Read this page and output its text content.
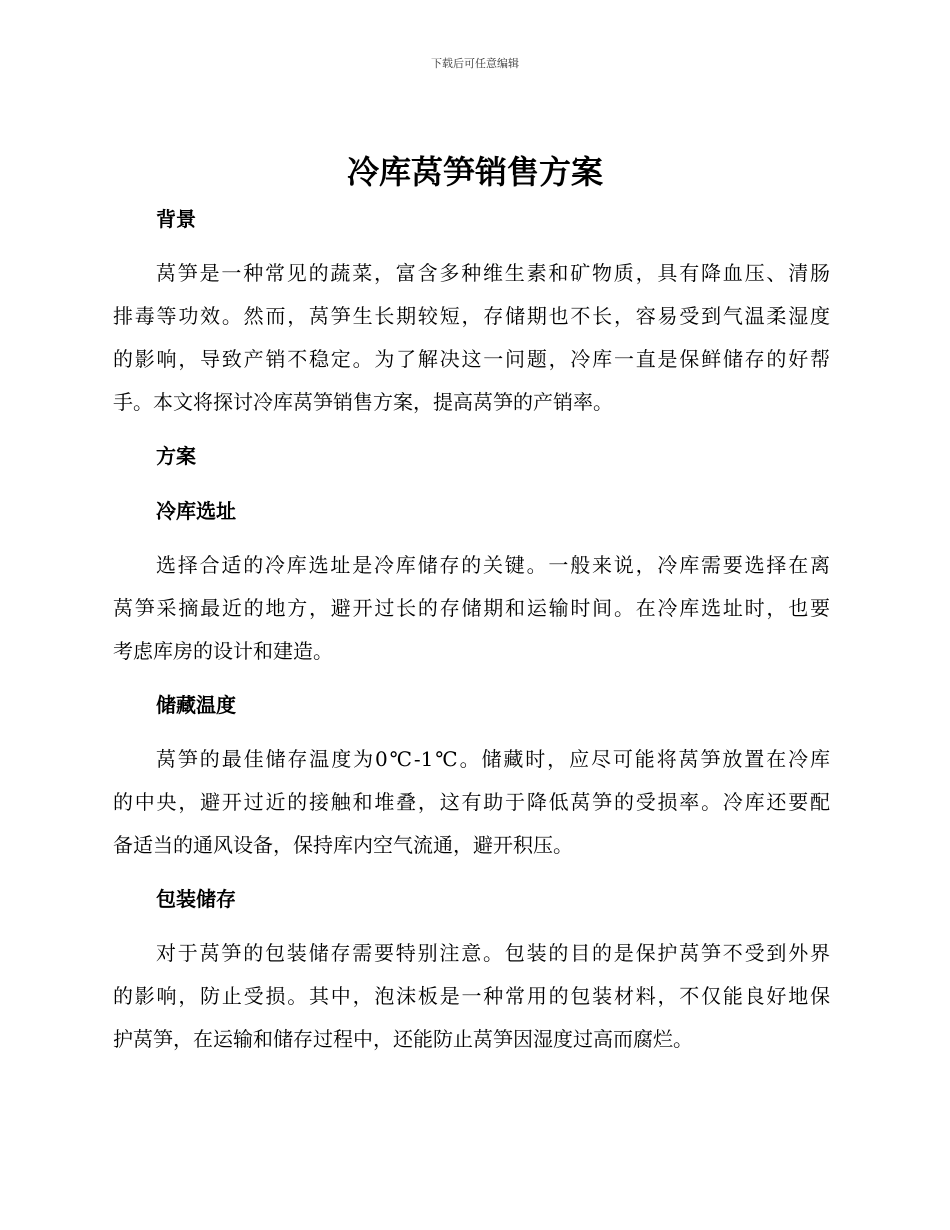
下载后可任意编辑
冷库莴笋销售方案
背景
莴笋是一种常见的蔬菜，富含多种维生素和矿物质，具有降血压、清肠
排毒等功效。然而，莴笋生长期较短，存储期也不长，容易受到气温柔湿度
的影响，导致产销不稳定。为了解决这一问题，冷库一直是保鲜储存的好帮
手。本文将探讨冷库莴笋销售方案，提高莴笋的产销率。
方案
冷库选址
选择合适的冷库选址是冷库储存的关键。一般来说，冷库需要选择在离
莴笋采摘最近的地方，避开过长的存储期和运输时间。在冷库选址时，也要
考虑库房的设计和建造。
储藏温度
莴笋的最佳储存温度为0℃-1℃。储藏时，应尽可能将莴笋放置在冷库
的中央，避开过近的接触和堆叠，这有助于降低莴笋的受损率。冷库还要配
备适当的通风设备，保持库内空气流通，避开积压。
包装储存
对于莴笋的包装储存需要特别注意。包装的目的是保护莴笋不受到外界
的影响，防止受损。其中，泡沫板是一种常用的包装材料，不仅能良好地保
护莴笋，在运输和储存过程中，还能防止莴笋因湿度过高而腐烂。
